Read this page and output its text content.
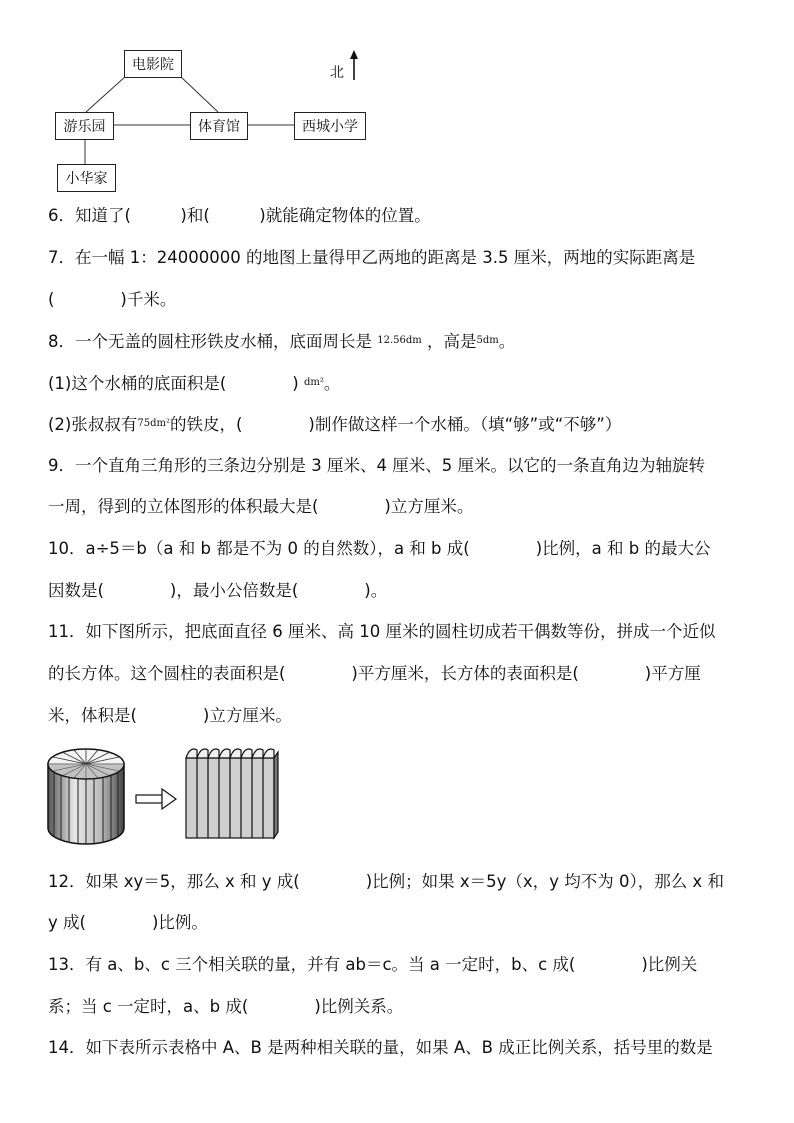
电影院
游乐园	体育馆	西城小学
小华家
北
6．知道了(　　　)和(　　　)就能确定物体的位置。
7．在一幅 1：24000000 的地图上量得甲乙两地的距离是 3.5 厘米，两地的实际距离是
(　　　　)千米。
8．一个无盖的圆柱形铁皮水桶，底面周长是 $^{12.56dm}$ ，高是$^{5dm}$。
(1)这个水桶的底面积是(　　　　) $^{dm^2}$。
(2)张叔叔有$^{75dm^2}$的铁皮，(　　　　)制作做这样一个水桶。（填“够”或“不够”）
9．一个直角三角形的三条边分别是 3 厘米、4 厘米、5 厘米。以它的一条直角边为轴旋转
一周，得到的立体图形的体积最大是(　　　　)立方厘米。
10．a÷5＝b（a 和 b 都是不为 0 的自然数），a 和 b 成(　　　　)比例，a 和 b 的最大公
因数是(　　　　)，最小公倍数是(　　　　)。
11．如下图所示，把底面直径 6 厘米、高 10 厘米的圆柱切成若干偶数等份，拼成一个近似
的长方体。这个圆柱的表面积是(　　　　)平方厘米，长方体的表面积是(　　　　)平方厘
米，体积是(　　　　)立方厘米。
12．如果 xy＝5，那么 x 和 y 成(　　　　)比例；如果 x＝5y（x，y 均不为 0），那么 x 和
y 成(　　　　)比例。
13．有 a、b、c 三个相关联的量，并有 ab＝c。当 a 一定时，b、c 成(　　　　)比例关
系；当 c 一定时，a、b 成(　　　　)比例关系。
14．如下表所示表格中 A、B 是两种相关联的量，如果 A、B 成正比例关系，括号里的数是
